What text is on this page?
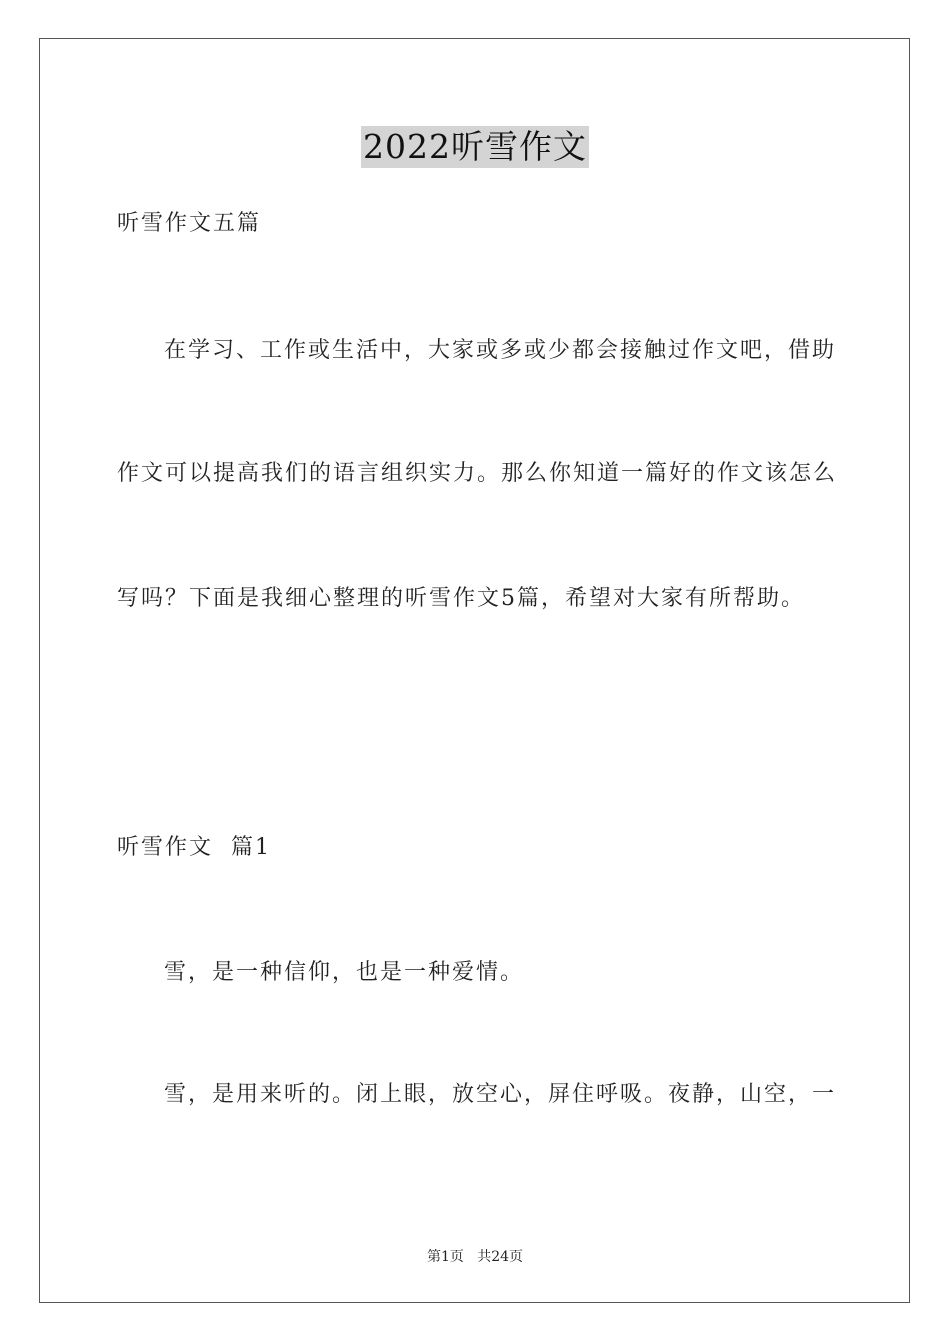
2022听雪作文
听雪作文五篇
在学习、工作或生活中，大家或多或少都会接触过作文吧，借助
作文可以提高我们的语言组织实力。那么你知道一篇好的作文该怎么
写吗？下面是我细心整理的听雪作文5篇，希望对大家有所帮助。
听雪作文  篇1
雪，是一种信仰，也是一种爱情。
雪，是用来听的。闭上眼，放空心，屏住呼吸。夜静，山空，一
第1页   共24页
